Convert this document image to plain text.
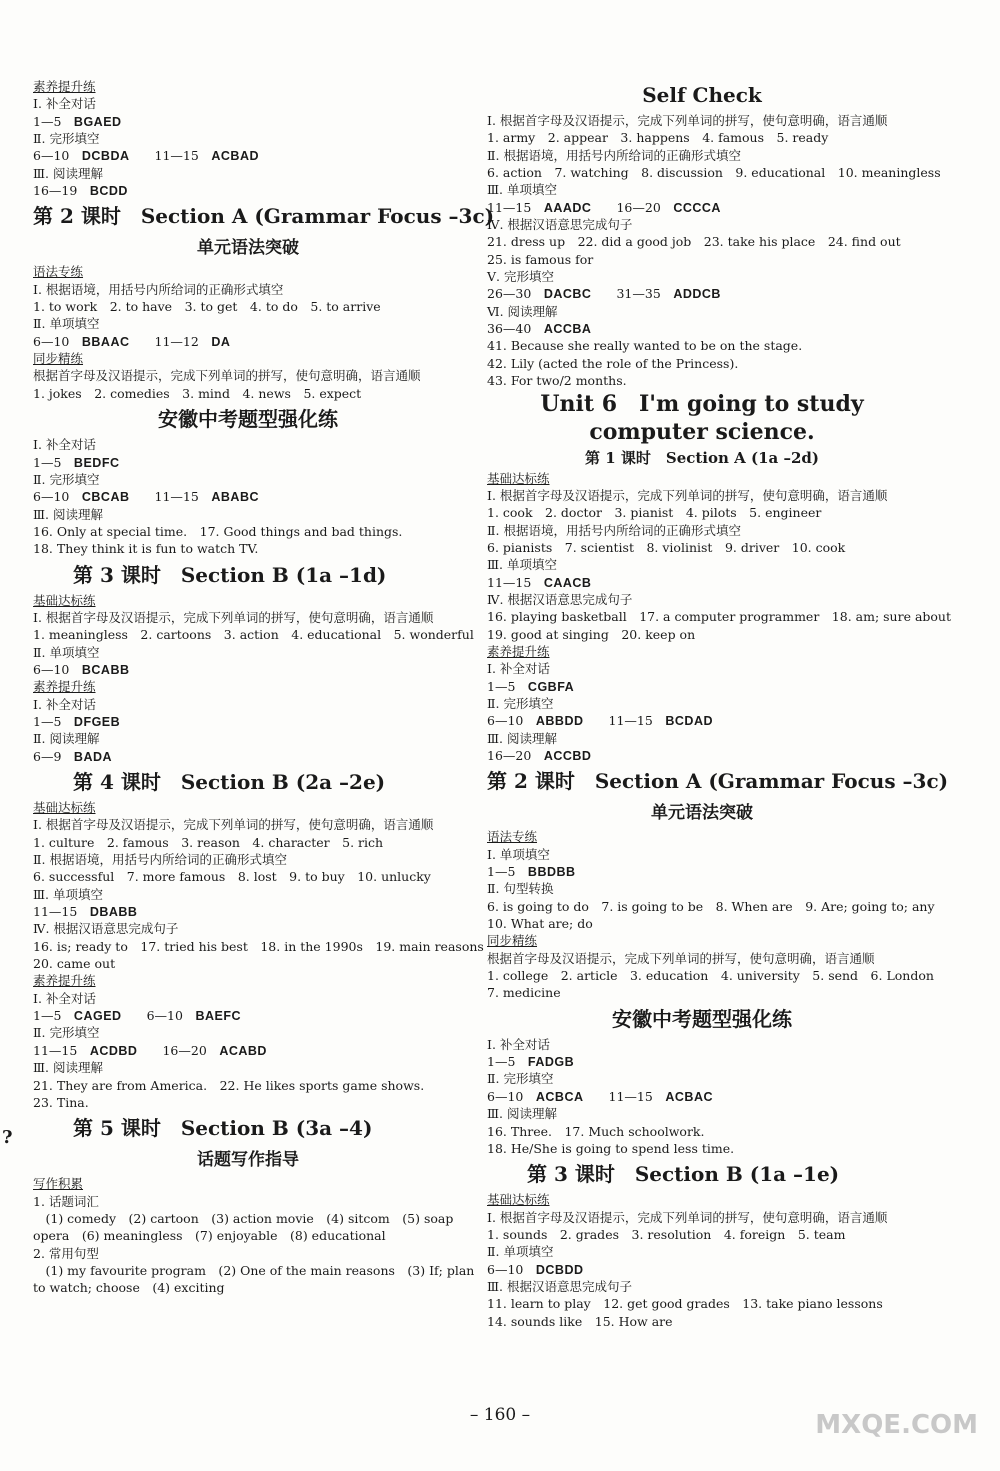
素养提升练
Ⅰ. 补全对话
1—5　 BGAED
Ⅱ. 完形填空
6—10　 DCBDA　　 11—15　 ACBAD
Ⅲ. 阅读理解
16—19　 BCDD
第 2 课时　Section A (Grammar Focus –3c)
单元语法突破
语法专练
Ⅰ. 根据语境，用括号内所给词的正确形式填空
1. to work　2. to have　3. to get　4. to do　5. to arrive
Ⅱ. 单项填空
6—10　 BBAAC　　 11—12　 DA
同步精练
根据首字母及汉语提示，完成下列单词的拼写，使句意明确，语言通顺
1. jokes　2. comedies　3. mind　4. news　5. expect
安徽中考题型强化练
Ⅰ. 补全对话
1—5　 BEDFC
Ⅱ. 完形填空
6—10　 CBCAB　　 11—15　 ABABC
Ⅲ. 阅读理解
16. Only at special time.　17. Good things and bad things.
18. They think it is fun to watch TV.
　　第 3 课时　Section B (1a –1d)
基础达标练
Ⅰ. 根据首字母及汉语提示，完成下列单词的拼写，使句意明确，语言通顺
1. meaningless　2. cartoons　3. action　4. educational　5. wonderful
Ⅱ. 单项填空
6—10　 BCABB
素养提升练
Ⅰ. 补全对话
1—5　 DFGEB
Ⅱ. 阅读理解
6—9　 BADA
　　第 4 课时　Section B (2a –2e)
基础达标练
Ⅰ. 根据首字母及汉语提示，完成下列单词的拼写，使句意明确，语言通顺
1. culture　2. famous　3. reason　4. character　5. rich
Ⅱ. 根据语境，用括号内所给词的正确形式填空
6. successful　7. more famous　8. lost　9. to buy　10. unlucky
Ⅲ. 单项填空
11—15　 DBABB
Ⅳ. 根据汉语意思完成句子
16. is; ready to　17. tried his best　18. in the 1990s　19. main reasons
20. came out
素养提升练
Ⅰ. 补全对话
1—5　 CAGED　　 6—10　 BAEFC
Ⅱ. 完形填空
11—15　 ACDBD　　 16—20　 ACABD
Ⅲ. 阅读理解
21. They are from America.　22. He likes sports game shows.
23. Tina.
　　第 5 课时　Section B (3a –4)
话题写作指导
写作积累
1. 话题词汇
　(1) comedy　(2) cartoon　(3) action movie　(4) sitcom　(5) soap
opera　(6) meaningless　(7) enjoyable　(8) educational
2. 常用句型
　(1) my favourite program　(2) One of the main reasons　(3) If; plan
to watch; choose　(4) exciting
Self Check
Ⅰ. 根据首字母及汉语提示，完成下列单词的拼写，使句意明确，语言通顺
1. army　2. appear　3. happens　4. famous　5. ready
Ⅱ. 根据语境，用括号内所给词的正确形式填空
6. action　7. watching　8. discussion　9. educational　10. meaningless
Ⅲ. 单项填空
11—15　 AAADC　　 16—20　 CCCCA
Ⅳ. 根据汉语意思完成句子
21. dress up　22. did a good job　23. take his place　24. find out
25. is famous for
Ⅴ. 完形填空
26—30　 DACBC　　 31—35　 ADDCB
Ⅵ. 阅读理解
36—40　 ACCBA
41. Because she really wanted to be on the stage.
42. Lily (acted the role of the Princess).
43. For two/2 months.
Unit 6　I'm going to study
computer science.
第 1 课时　Section A (1a –2d)
基础达标练
Ⅰ. 根据首字母及汉语提示，完成下列单词的拼写，使句意明确，语言通顺
1. cook　2. doctor　3. pianist　4. pilots　5. engineer
Ⅱ. 根据语境，用括号内所给词的正确形式填空
6. pianists　7. scientist　8. violinist　9. driver　10. cook
Ⅲ. 单项填空
11—15　 CAACB
Ⅳ. 根据汉语意思完成句子
16. playing basketball　17. a computer programmer　18. am; sure about
19. good at singing　20. keep on
素养提升练
Ⅰ. 补全对话
1—5　 CGBFA
Ⅱ. 完形填空
6—10　 ABBDD　　 11—15　 BCDAD
Ⅲ. 阅读理解
16—20　 ACCBD
第 2 课时　Section A (Grammar Focus –3c)
单元语法突破
语法专练
Ⅰ. 单项填空
1—5　 BBDBB
Ⅱ. 句型转换
6. is going to do　7. is going to be　8. When are　9. Are; going to; any
10. What are; do
同步精练
根据首字母及汉语提示，完成下列单词的拼写，使句意明确，语言通顺
1. college　2. article　3. education　4. university　5. send　6. London
7. medicine
安徽中考题型强化练
Ⅰ. 补全对话
1—5　 FADGB
Ⅱ. 完形填空
6—10　 ACBCA　　 11—15　 ACBAC
Ⅲ. 阅读理解
16. Three.　17. Much schoolwork.
18. He/She is going to spend less time.
　　第 3 课时　Section B (1a –1e)
基础达标练
Ⅰ. 根据首字母及汉语提示，完成下列单词的拼写，使句意明确，语言通顺
1. sounds　2. grades　3. resolution　4. foreign　5. team
Ⅱ. 单项填空
6—10　 DCBDD
Ⅲ. 根据汉语意思完成句子
11. learn to play　12. get good grades　13. take piano lessons
14. sounds like　15. How are
?
– 160 –	MXQE.COM
